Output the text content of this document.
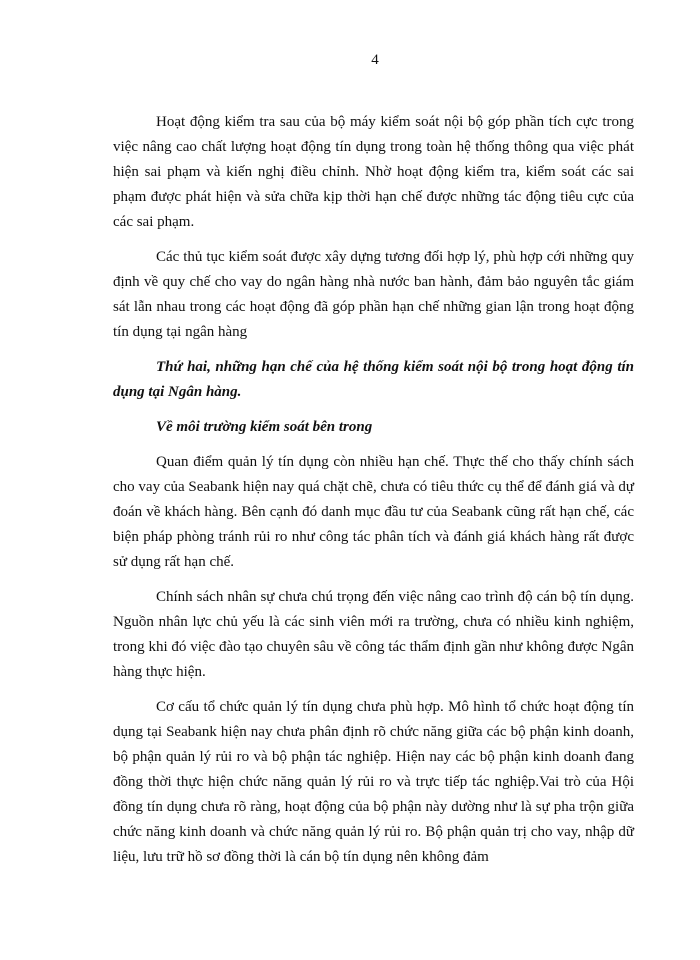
4

Hoạt động kiểm tra sau của bộ máy kiểm soát nội bộ góp phần tích cực trong việc nâng cao chất lượng hoạt động tín dụng trong toàn hệ thống thông qua việc phát hiện sai phạm và kiến nghị điều chỉnh. Nhờ hoạt động kiểm tra, kiểm soát các sai phạm được phát hiện và sửa chữa kịp thời hạn chế được những tác động tiêu cực của các sai phạm.

Các thủ tục kiểm soát được xây dựng tương đối hợp lý, phù hợp cới những quy định về quy chế cho vay do ngân hàng nhà nước ban hành, đảm bảo nguyên tắc giám sát lẫn nhau trong các hoạt động đã góp phần hạn chế những gian lận trong hoạt động tín dụng tại ngân hàng

Thứ hai, những hạn chế của hệ thống kiểm soát nội bộ trong hoạt động tín dụng tại Ngân hàng.

Về môi trường kiểm soát bên trong

Quan điểm quản lý tín dụng còn nhiều hạn chế. Thực thế cho thấy chính sách cho vay của Seabank hiện nay quá chặt chẽ, chưa có tiêu thức cụ thể để đánh giá và dự đoán về khách hàng. Bên cạnh đó danh mục đầu tư của Seabank cũng rất hạn chế, các biện pháp phòng tránh rủi ro như công tác phân tích và đánh giá khách hàng rất được sử dụng rất hạn chế.

Chính sách nhân sự chưa chú trọng đến việc nâng cao trình độ cán bộ tín dụng. Nguồn nhân lực chủ yếu là các sinh viên mới ra trường, chưa có nhiều kinh nghiệm, trong khi đó việc đào tạo chuyên sâu về công tác thẩm định gần như không được Ngân hàng thực hiện.

Cơ cấu tổ chức quản lý tín dụng chưa phù hợp. Mô hình tổ chức hoạt động tín dụng tại Seabank hiện nay chưa phân định rõ chức năng giữa các bộ phận kinh doanh, bộ phận quản lý rủi ro và bộ phận tác nghiệp. Hiện nay các bộ phận kinh doanh đang đồng thời thực hiện chức năng quản lý rủi ro và trực tiếp tác nghiệp.Vai trò của Hội đồng tín dụng chưa rõ ràng, hoạt động của bộ phận này dường như là sự pha trộn giữa chức năng kinh doanh và chức năng quản lý rủi ro. Bộ phận quản trị cho vay, nhập dữ liệu, lưu trữ hồ sơ đồng thời là cán bộ tín dụng nên không đảm
